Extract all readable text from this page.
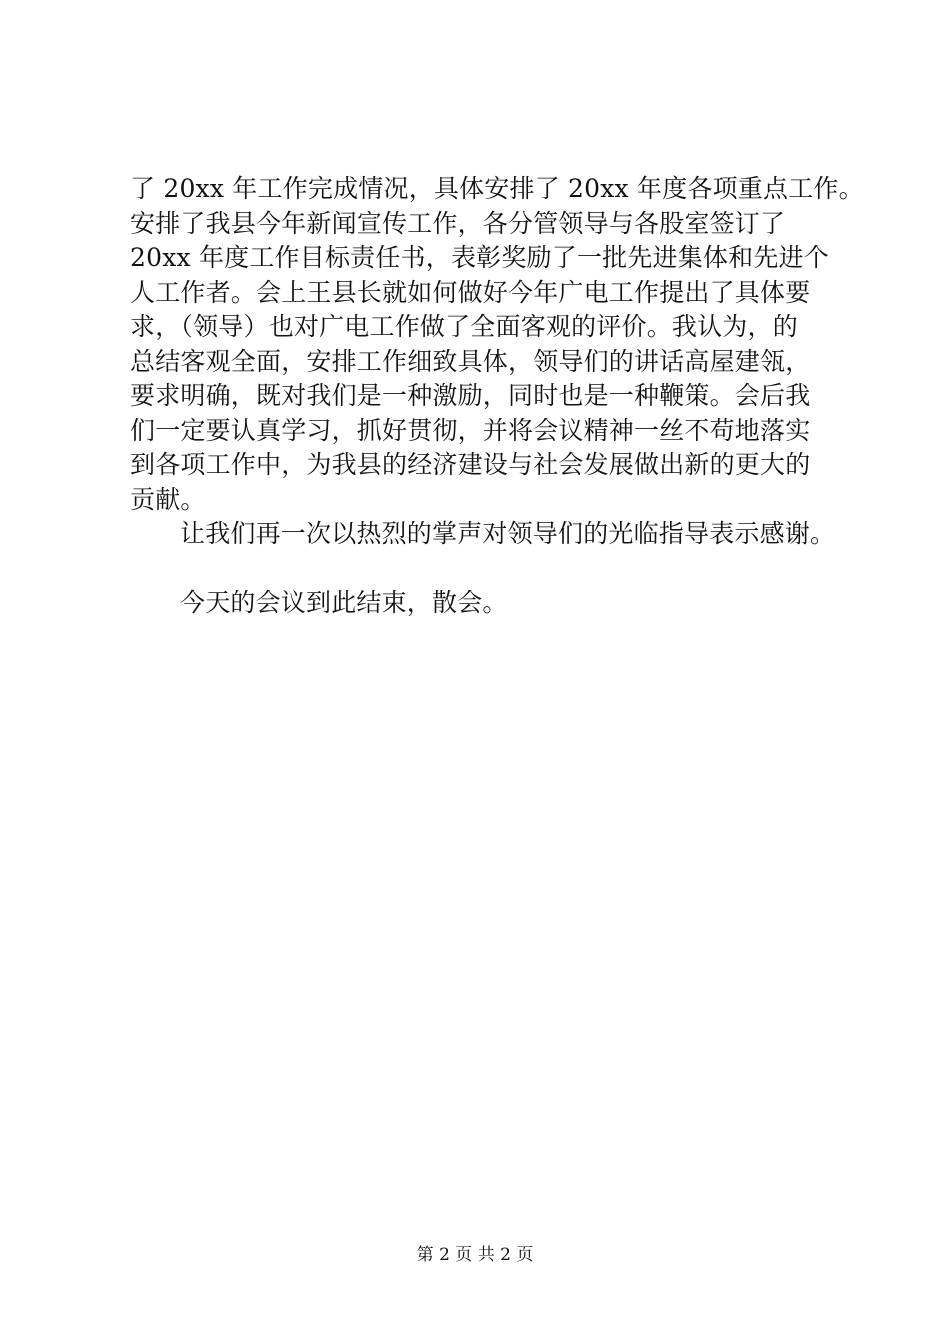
了 20xx 年工作完成情况，具体安排了 20xx 年度各项重点工作。
安排了我县今年新闻宣传工作，各分管领导与各股室签订了
20xx 年度工作目标责任书，表彰奖励了一批先进集体和先进个
人工作者。会上王县长就如何做好今年广电工作提出了具体要
求，（领导）也对广电工作做了全面客观的评价。我认为，的
总结客观全面，安排工作细致具体，领导们的讲话高屋建瓴，
要求明确，既对我们是一种激励，同时也是一种鞭策。会后我
们一定要认真学习，抓好贯彻，并将会议精神一丝不苟地落实
到各项工作中，为我县的经济建设与社会发展做出新的更大的
贡献。
让我们再一次以热烈的掌声对领导们的光临指导表示感谢。
今天的会议到此结束，散会。
第 2 页 共 2 页
